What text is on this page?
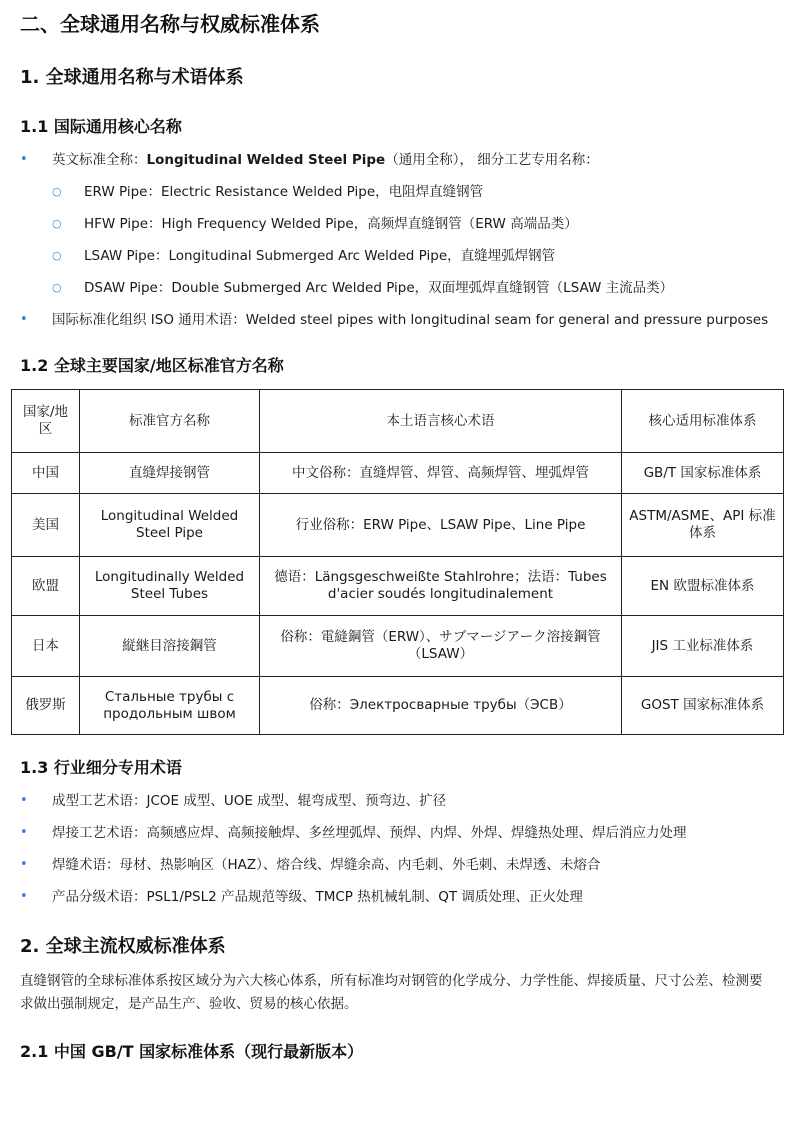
二、全球通用名称与权威标准体系
1. 全球通用名称与术语体系
1.1 国际通用核心名称
• 英文标准全称：Longitudinal Welded Steel Pipe（通用全称）， 细分工艺专用名称：
○ ERW Pipe：Electric Resistance Welded Pipe，电阻焊直缝钢管
○ HFW Pipe：High Frequency Welded Pipe，高频焊直缝钢管（ERW 高端品类）
○ LSAW Pipe：Longitudinal Submerged Arc Welded Pipe，直缝埋弧焊钢管
○ DSAW Pipe：Double Submerged Arc Welded Pipe，双面埋弧焊直缝钢管（LSAW 主流品类）
• 国际标准化组织 ISO 通用术语：Welded steel pipes with longitudinal seam for general and pressure purposes
1.2 全球主要国家/地区标准官方名称
国家/地区	标准官方名称	本土语言核心术语	核心适用标准体系
中国	直缝焊接钢管	中文俗称：直缝焊管、焊管、高频焊管、埋弧焊管	GB/T 国家标准体系
美国	Longitudinal Welded Steel Pipe	行业俗称：ERW Pipe、LSAW Pipe、Line Pipe	ASTM/ASME、API 标准体系
欧盟	Longitudinally Welded Steel Tubes	德语：Längsgeschweißte Stahlrohre；法语：Tubes d'acier soudés longitudinalement	EN 欧盟标准体系
日本	縦継目溶接鋼管	俗称：電縫鋼管（ERW）、サブマージアーク溶接鋼管（LSAW）	JIS 工业标准体系
俄罗斯	Стальные трубы с продольным швом	俗称：Электросварные трубы（ЭСВ）	GOST 国家标准体系
1.3 行业细分专用术语
• 成型工艺术语：JCOE 成型、UOE 成型、辊弯成型、预弯边、扩径
• 焊接工艺术语：高频感应焊、高频接触焊、多丝埋弧焊、预焊、内焊、外焊、焊缝热处理、焊后消应力处理
• 焊缝术语：母材、热影响区（HAZ）、熔合线、焊缝余高、内毛刺、外毛刺、未焊透、未熔合
• 产品分级术语：PSL1/PSL2 产品规范等级、TMCP 热机械轧制、QT 调质处理、正火处理
2. 全球主流权威标准体系

直缝钢管的全球标准体系按区域分为六大核心体系，所有标准均对钢管的化学成分、力学性能、焊接质量、尺寸公差、检测要求做出强制规定，是产品生产、验收、贸易的核心依据。

2.1 中国 GB/T 国家标准体系（现行最新版本）
